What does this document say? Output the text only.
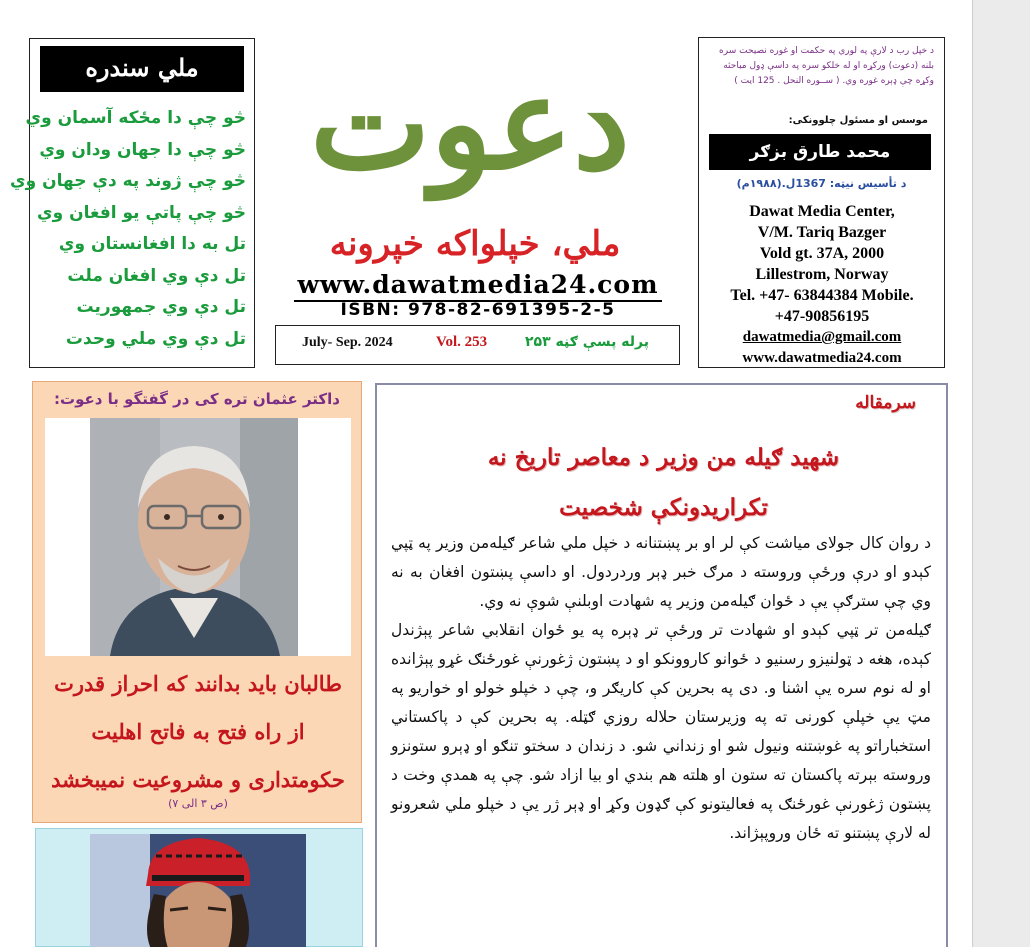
ملي سندره
څو چې دا مځکه آسمان وي
څو چې دا جهان ودان وي
څو چې ژوند په دې جهان وي
څو چې پاتې یو افغان وي
تل به دا افغانستان وي
تل دې وي افغان ملت
تل دې وي جمهوریت
تل دې وي ملي وحدت
دعوت
ملي، خپلواکه خپرونه
www.dawatmedia24.com
ISBN: 978-82-691395-2-5
July- Sep. 2024	Vol. 253	پرله پسې ګڼه ۲۵۳
د خپل رب د لارې په لوري په حکمت او غوره نصیحت سره بلنه (دعوت) ورکړه او له خلکو سره په داسې ډول مباحثه وکړه چې ډېره غوره وي. ( ســوره النحل . 125 ایت )
موسس او مسئول چلوونکی:
محمد طارق بزګر
د تأسیس نیټه: 1367ل.(۱۹۸۸م)
Dawat Media Center,
V/M. Tariq Bazger
Vold gt. 37A, 2000
Lillestrom, Norway
Tel. +47- 63844384 Mobile.
+47-90856195
dawatmedia@gmail.com
www.dawatmedia24.com
داکتر عثمان تره کی در گفتگو با دعوت:
طالبان باید بدانند که احراز قدرت
از راه فتح به فاتح اهلیت
حکومتداری و مشروعیت نمیبخشد
(ص ۳ الی ۷)
سرمقاله
شهید ګیله من وزیر د معاصر تاریخ نه
تکراریدونکې شخصیت

د روان کال جولای میاشت کې لر او بر پښتنانه د خپل ملي شاعر ګیله‌من وزیر په ټپي کېدو او درې ورځې وروسته د مرګ خبر ډېر وردردول. او داسې پښتون افغان به نه وي چې سترګې يې د ځوان ګیله‌من وزیر په شهادت اوبلنې شوې نه وي.

ګیله‌من تر ټپي کېدو او شهادت تر ورځې تر ډېره په یو ځوان انقلابي شاعر پېژندل کېده، هغه د ټولنيزو رسنيو د ځوانو کاروونکو او د پښتون ژغورنې غورځنګ غړو پېژانده او له نوم سره يې اشنا و. دی په بحرین کې کاریګر و، چې د خپلو خولو او خواریو په مټ يې خپلې کورنی ته په وزیرستان حلاله روزي ګټله. په بحرین کې د پاکستاني استخباراتو په غوښتنه ونیول شو او زنداني شو. د زندان د سختو تنګو او ډېرو ستونزو وروسته بېرته پاکستان ته ستون او هلته هم بندي او بیا ازاد شو. چې په همدې وخت د پښتون ژغورنې غورځنګ په فعالیتونو کې ګډون وکړ او ډېر ژر يې د خپلو ملي شعرونو له لارې پښتنو ته ځان وروپېژاند.
